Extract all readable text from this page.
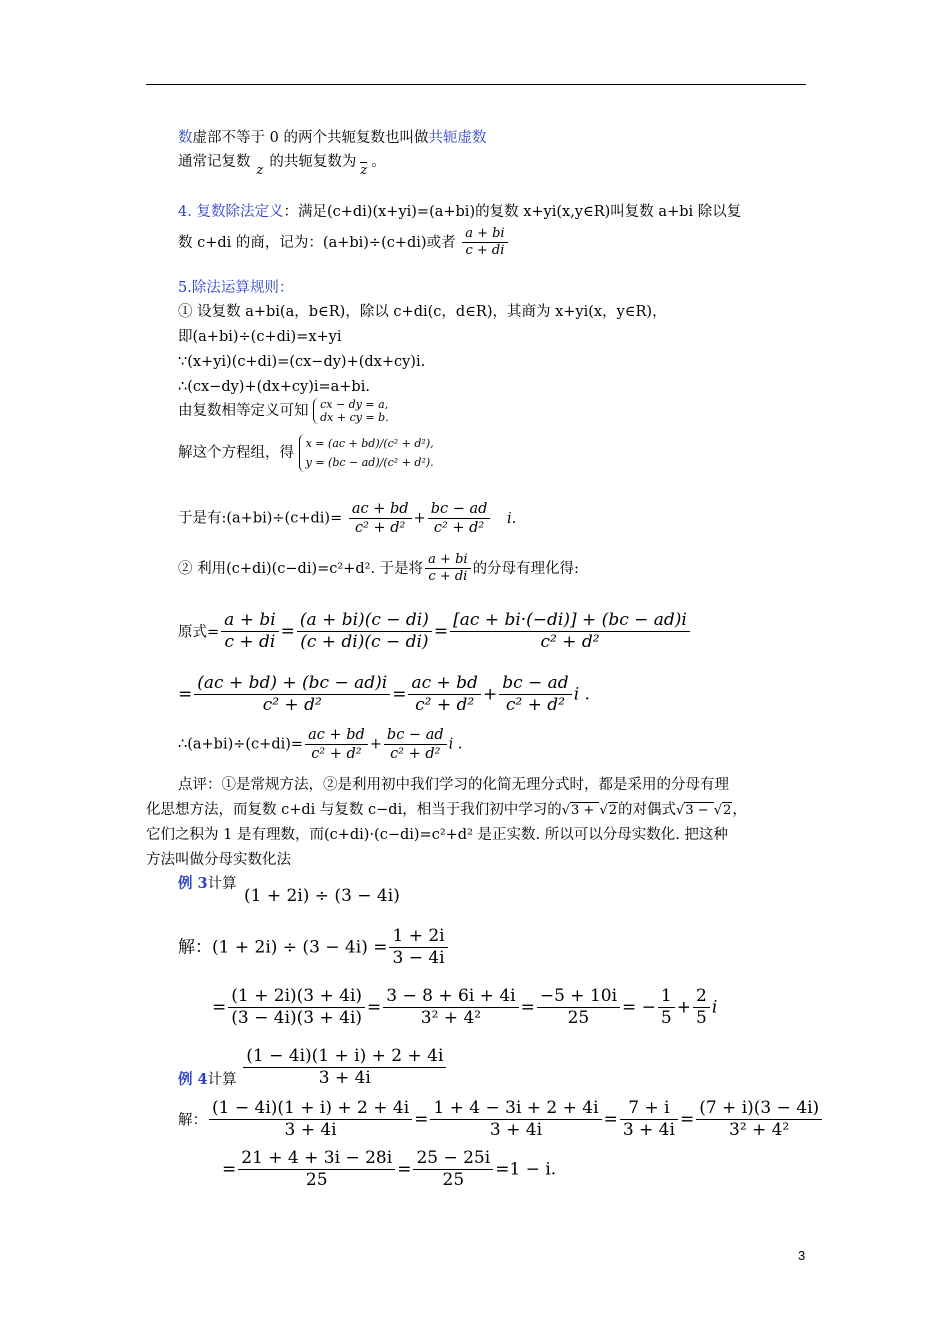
数虚部不等于 0 的两个共轭复数也叫做共轭虚数
通常记复数z的共轭复数为z。
4. 复数除法定义：满足(c+di)(x+yi)=(a+bi)的复数 x+yi(x,y∈R)叫复数 a+bi 除以复
数 c+di 的商，记为：(a+bi)÷(c+di)或者 $\frac{a + bi}{c + di}$
5.除法运算规则：
① 设复数 a+bi(a，b∈R)，除以 c+di(c，d∈R)，其商为 x+yi(x，y∈R)，
即(a+bi)÷(c+di)=x+yi
∵(x+yi)(c+di)=(cx−dy)+(dx+cy)i.
∴(cx−dy)+(dx+cy)i=a+bi.
由复数相等定义可知 cx − dy = a,
dx + cy = b.
解这个方程组，得
x = (ac + bd)/(c² + d²),
y = (bc − ad)/(c² + d²).
于是有:(a+bi)÷(c+di)= $\frac{ac + bd}{\text{c² + d²}} + \frac{bc - ad}{\text{c² + d²}} i$.
② 利用(c+di)(c−di)=c²+d². 于是将 $\frac{a + bi}{c + di}$ 的分母有理化得:
原式= $\frac{a + bi}{c + di} = \frac{(a + bi)(c - di)}{(c + di)(c - di)} = \frac{[ac + bi\cdot(-di)] + (bc - ad)i}{\text{c² + d²}}$
= $\frac{(ac + bd) + (bc - ad)i}{\text{c² + d²}} = \frac{ac + bd}{\text{c² + d²}} + \frac{bc - ad}{\text{c² + d²}}$ i .
∴(a+bi)÷(c+di)= $\frac{ac + bd}{\text{c² + d²}} + \frac{bc - ad}{\text{c² + d²}}$ i .
点评：①是常规方法，②是利用初中我们学习的化简无理分式时，都是采用的分母有理
化思想方法，而复数 c+di 与复数 c−di，相当于我们初中学习的√3 + √2的对偶式√3 − √2，
它们之积为 1 是有理数，而(c+di)·(c−di)=c²+d² 是正实数. 所以可以分母实数化. 把这种
方法叫做分母实数化法
例 3计算
(1 + 2i) ÷ (3 − 4i)
解：$(1 + 2i) \div (3 - 4i) = \frac{1 + 2i}{3 - 4i}$
= $\frac{(1 + 2i)(3 + 4i)}{(3 - 4i)(3 + 4i)} = \frac{3 - 8 + 6i + 4i}{\text{3² + 4²}} = \frac{-5 + 10i}{25}$ = − $\frac{1}{5} + \frac{2}{5}$ i
例 4计算 $\frac{(1 - 4i)(1 + i) + 2 + 4i}{3 + 4i}$
解： $\frac{(1 - 4i)(1 + i) + 2 + 4i}{3 + 4i} = \frac{1 + 4 - 3i + 2 + 4i}{3 + 4i} = \frac{7 + i}{3 + 4i} = \frac{(7 + i)(3 - 4i)}{\text{3² + 4²}}$
= $\frac{21 + 4 + 3i - 28i}{25} = \frac{25 - 25i}{25} =1 - i$.
3
